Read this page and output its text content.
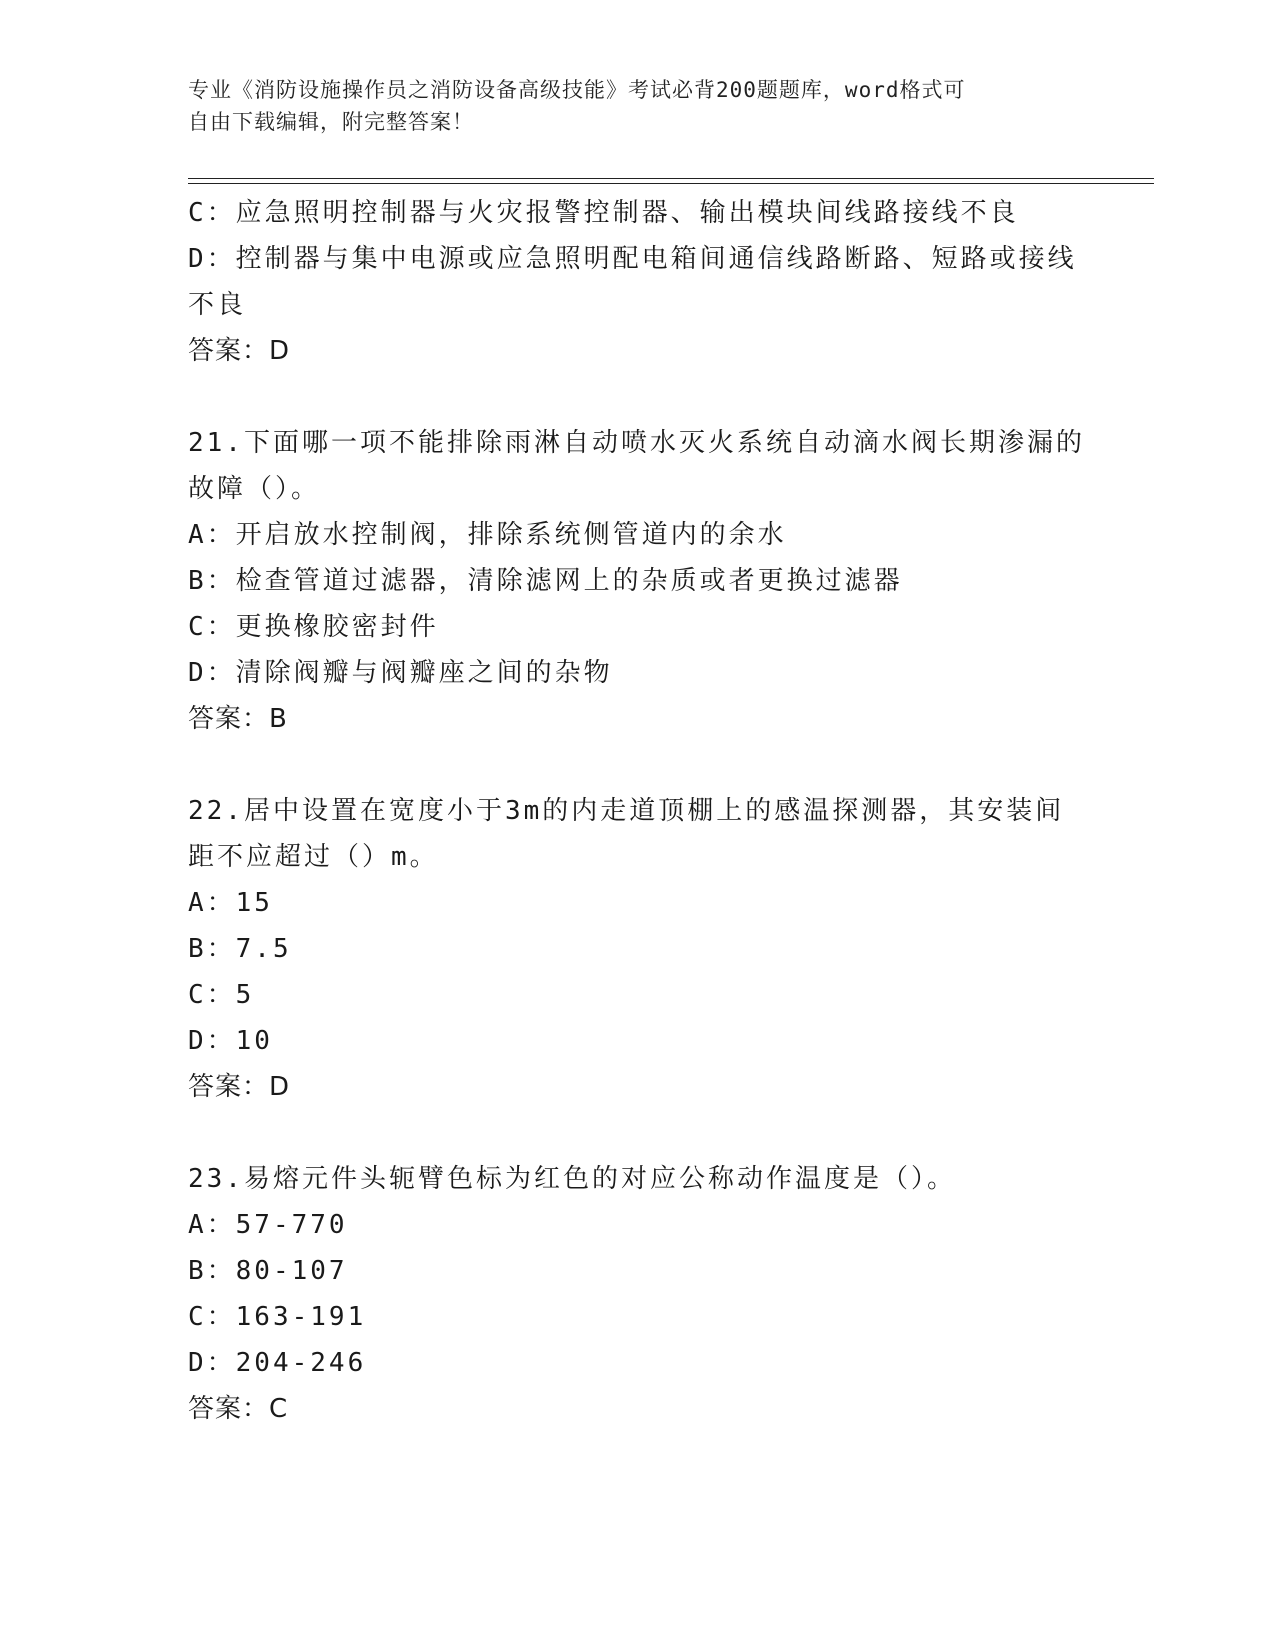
专业《消防设施操作员之消防设备高级技能》考试必背200题题库，word格式可
自由下载编辑，附完整答案！

C：应急照明控制器与火灾报警控制器、输出模块间线路接线不良

D：控制器与集中电源或应急照明配电箱间通信线路断路、短路或接线

不良

答案：D

21.下面哪一项不能排除雨淋自动喷水灭火系统自动滴水阀长期渗漏的

故障（）。

A：开启放水控制阀，排除系统侧管道内的余水

B：检查管道过滤器，清除滤网上的杂质或者更换过滤器

C：更换橡胶密封件

D：清除阀瓣与阀瓣座之间的杂物

答案：B

22.居中设置在宽度小于3m的内走道顶棚上的感温探测器，其安装间

距不应超过（）m。

A：15

B：7.5

C：5

D：10

答案：D

23.易熔元件头轭臂色标为红色的对应公称动作温度是（）。

A：57-770

B：80-107

C：163-191

D：204-246

答案：C
